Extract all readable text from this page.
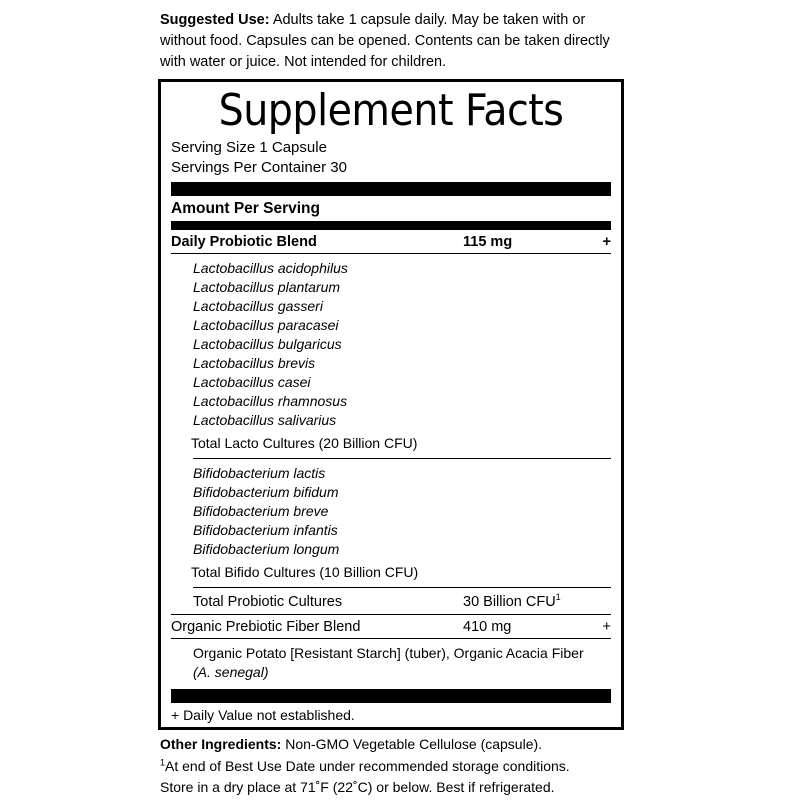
Suggested Use: Adults take 1 capsule daily. May be taken with or without food. Capsules can be opened. Contents can be taken directly with water or juice. Not intended for children.
Supplement Facts
Serving Size 1 Capsule
Servings Per Container 30
Amount Per Serving
Daily Probiotic Blend	115 mg	+
Lactobacillus acidophilus
Lactobacillus plantarum
Lactobacillus gasseri
Lactobacillus paracasei
Lactobacillus bulgaricus
Lactobacillus brevis
Lactobacillus casei
Lactobacillus rhamnosus
Lactobacillus salivarius
Total Lacto Cultures (20 Billion CFU)
Bifidobacterium lactis
Bifidobacterium bifidum
Bifidobacterium breve
Bifidobacterium infantis
Bifidobacterium longum
Total Bifido Cultures (10 Billion CFU)
Total Probiotic Cultures	30 Billion CFU$^1$
Organic Prebiotic Fiber Blend	410 mg	+
Organic Potato [Resistant Starch] (tuber), Organic Acacia Fiber
(A. senegal)
+ Daily Value not established.
Other Ingredients: Non-GMO Vegetable Cellulose (capsule).
$^1$At end of Best Use Date under recommended storage conditions.
Store in a dry place at 71˚F (22˚C) or below. Best if refrigerated.
